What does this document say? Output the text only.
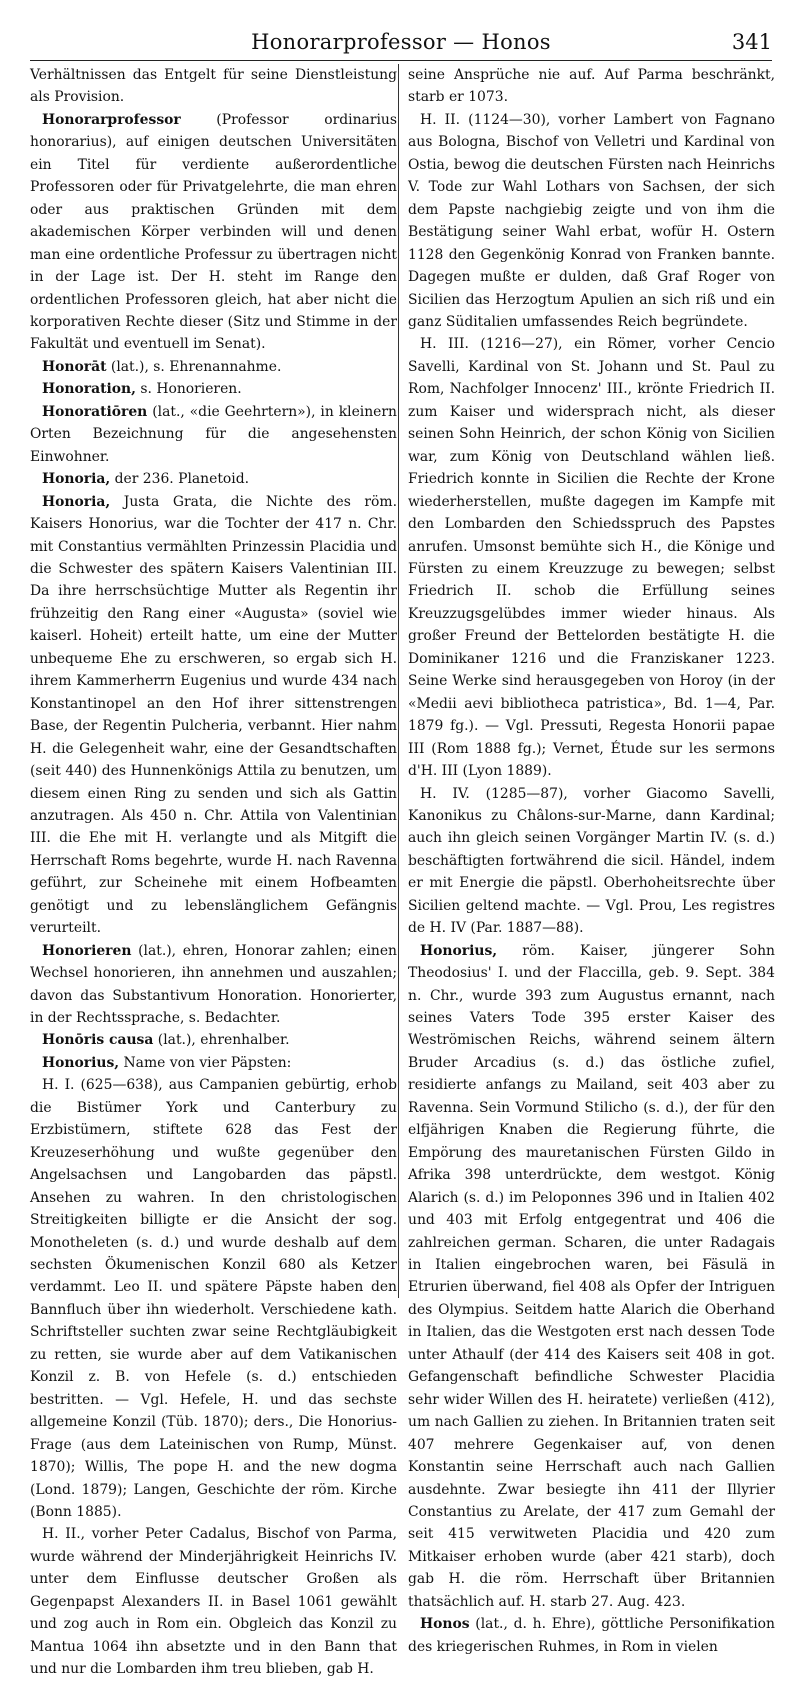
Honorarprofessor — Honos	341

Verhältnissen das Entgelt für seine Dienstleistung als Provision.

Honorarprofessor (Professor ordinarius honorarius), auf einigen deutschen Universitäten ein Titel für verdiente außerordentliche Professoren oder für Privatgelehrte, die man ehren oder aus praktischen Gründen mit dem akademischen Körper verbinden will und denen man eine ordentliche Professur zu übertragen nicht in der Lage ist. Der H. steht im Range den ordentlichen Professoren gleich, hat aber nicht die korporativen Rechte dieser (Sitz und Stimme in der Fakultät und eventuell im Senat).

Honorāt (lat.), s. Ehrenannahme.

Honoration, s. Honorieren.

Honoratiōren (lat., «die Geehrtern»), in kleinern Orten Bezeichnung für die angesehensten Einwohner.

Honoria, der 236. Planetoid.

Honoria, Justa Grata, die Nichte des röm. Kaisers Honorius, war die Tochter der 417 n. Chr. mit Constantius vermählten Prinzessin Placidia und die Schwester des spätern Kaisers Valentinian III. Da ihre herrschsüchtige Mutter als Regentin ihr frühzeitig den Rang einer «Augusta» (soviel wie kaiserl. Hoheit) erteilt hatte, um eine der Mutter unbequeme Ehe zu erschweren, so ergab sich H. ihrem Kammerherrn Eugenius und wurde 434 nach Konstantinopel an den Hof ihrer sittenstrengen Base, der Regentin Pulcheria, verbannt. Hier nahm H. die Gelegenheit wahr, eine der Gesandtschaften (seit 440) des Hunnenkönigs Attila zu benutzen, um diesem einen Ring zu senden und sich als Gattin anzutragen. Als 450 n. Chr. Attila von Valentinian III. die Ehe mit H. verlangte und als Mitgift die Herrschaft Roms begehrte, wurde H. nach Ravenna geführt, zur Scheinehe mit einem Hofbeamten genötigt und zu lebenslänglichem Gefängnis verurteilt.

Honorieren (lat.), ehren, Honorar zahlen; einen Wechsel honorieren, ihn annehmen und auszahlen; davon das Substantivum Honoration. Honorierter, in der Rechtssprache, s. Bedachter.

Honōris causa (lat.), ehrenhalber.

Honorius, Name von vier Päpsten:

H. I. (625—638), aus Campanien gebürtig, erhob die Bistümer York und Canterbury zu Erzbistümern, stiftete 628 das Fest der Kreuzeserhöhung und wußte gegenüber den Angelsachsen und Langobarden das päpstl. Ansehen zu wahren. In den christologischen Streitigkeiten billigte er die Ansicht der sog. Monotheleten (s. d.) und wurde deshalb auf dem sechsten Ökumenischen Konzil 680 als Ketzer verdammt. Leo II. und spätere Päpste haben den Bannfluch über ihn wiederholt. Verschiedene kath. Schriftsteller suchten zwar seine Rechtgläubigkeit zu retten, sie wurde aber auf dem Vatikanischen Konzil z. B. von Hefele (s. d.) entschieden bestritten. — Vgl. Hefele, H. und das sechste allgemeine Konzil (Tüb. 1870); ders., Die Honorius-Frage (aus dem Lateinischen von Rump, Münst. 1870); Willis, The pope H. and the new dogma (Lond. 1879); Langen, Geschichte der röm. Kirche (Bonn 1885).

H. II., vorher Peter Cadalus, Bischof von Parma, wurde während der Minderjährigkeit Heinrichs IV. unter dem Einflusse deutscher Großen als Gegenpapst Alexanders II. in Basel 1061 gewählt und zog auch in Rom ein. Obgleich das Konzil zu Mantua 1064 ihn absetzte und in den Bann that und nur die Lombarden ihm treu blieben, gab H.

seine Ansprüche nie auf. Auf Parma beschränkt, starb er 1073.

H. II. (1124—30), vorher Lambert von Fagnano aus Bologna, Bischof von Velletri und Kardinal von Ostia, bewog die deutschen Fürsten nach Heinrichs V. Tode zur Wahl Lothars von Sachsen, der sich dem Papste nachgiebig zeigte und von ihm die Bestätigung seiner Wahl erbat, wofür H. Ostern 1128 den Gegenkönig Konrad von Franken bannte. Dagegen mußte er dulden, daß Graf Roger von Sicilien das Herzogtum Apulien an sich riß und ein ganz Süditalien umfassendes Reich begründete.

H. III. (1216—27), ein Römer, vorher Cencio Savelli, Kardinal von St. Johann und St. Paul zu Rom, Nachfolger Innocenz' III., krönte Friedrich II. zum Kaiser und widersprach nicht, als dieser seinen Sohn Heinrich, der schon König von Sicilien war, zum König von Deutschland wählen ließ. Friedrich konnte in Sicilien die Rechte der Krone wiederherstellen, mußte dagegen im Kampfe mit den Lombarden den Schiedsspruch des Papstes anrufen. Umsonst bemühte sich H., die Könige und Fürsten zu einem Kreuzzuge zu bewegen; selbst Friedrich II. schob die Erfüllung seines Kreuzzugsgelübdes immer wieder hinaus. Als großer Freund der Bettelorden bestätigte H. die Dominikaner 1216 und die Franziskaner 1223. Seine Werke sind herausgegeben von Horoy (in der «Medii aevi bibliotheca patristica», Bd. 1—4, Par. 1879 fg.). — Vgl. Pressuti, Regesta Honorii papae III (Rom 1888 fg.); Vernet, Étude sur les sermons d'H. III (Lyon 1889).

H. IV. (1285—87), vorher Giacomo Savelli, Kanonikus zu Châlons-sur-Marne, dann Kardinal; auch ihn gleich seinen Vorgänger Martin IV. (s. d.) beschäftigten fortwährend die sicil. Händel, indem er mit Energie die päpstl. Oberhoheitsrechte über Sicilien geltend machte. — Vgl. Prou, Les registres de H. IV (Par. 1887—88).

Honorius, röm. Kaiser, jüngerer Sohn Theodosius' I. und der Flaccilla, geb. 9. Sept. 384 n. Chr., wurde 393 zum Augustus ernannt, nach seines Vaters Tode 395 erster Kaiser des Weströmischen Reichs, während seinem ältern Bruder Arcadius (s. d.) das östliche zufiel, residierte anfangs zu Mailand, seit 403 aber zu Ravenna. Sein Vormund Stilicho (s. d.), der für den elfjährigen Knaben die Regierung führte, die Empörung des mauretanischen Fürsten Gildo in Afrika 398 unterdrückte, dem westgot. König Alarich (s. d.) im Peloponnes 396 und in Italien 402 und 403 mit Erfolg entgegentrat und 406 die zahlreichen german. Scharen, die unter Radagais in Italien eingebrochen waren, bei Fäsulä in Etrurien überwand, fiel 408 als Opfer der Intriguen des Olympius. Seitdem hatte Alarich die Oberhand in Italien, das die Westgoten erst nach dessen Tode unter Athaulf (der 414 des Kaisers seit 408 in got. Gefangenschaft befindliche Schwester Placidia sehr wider Willen des H. heiratete) verließen (412), um nach Gallien zu ziehen. In Britannien traten seit 407 mehrere Gegenkaiser auf, von denen Konstantin seine Herrschaft auch nach Gallien ausdehnte. Zwar besiegte ihn 411 der Illyrier Constantius zu Arelate, der 417 zum Gemahl der seit 415 verwitweten Placidia und 420 zum Mitkaiser erhoben wurde (aber 421 starb), doch gab H. die röm. Herrschaft über Britannien thatsächlich auf. H. starb 27. Aug. 423.

Honos (lat., d. h. Ehre), göttliche Personifikation des kriegerischen Ruhmes, in Rom in vielen
